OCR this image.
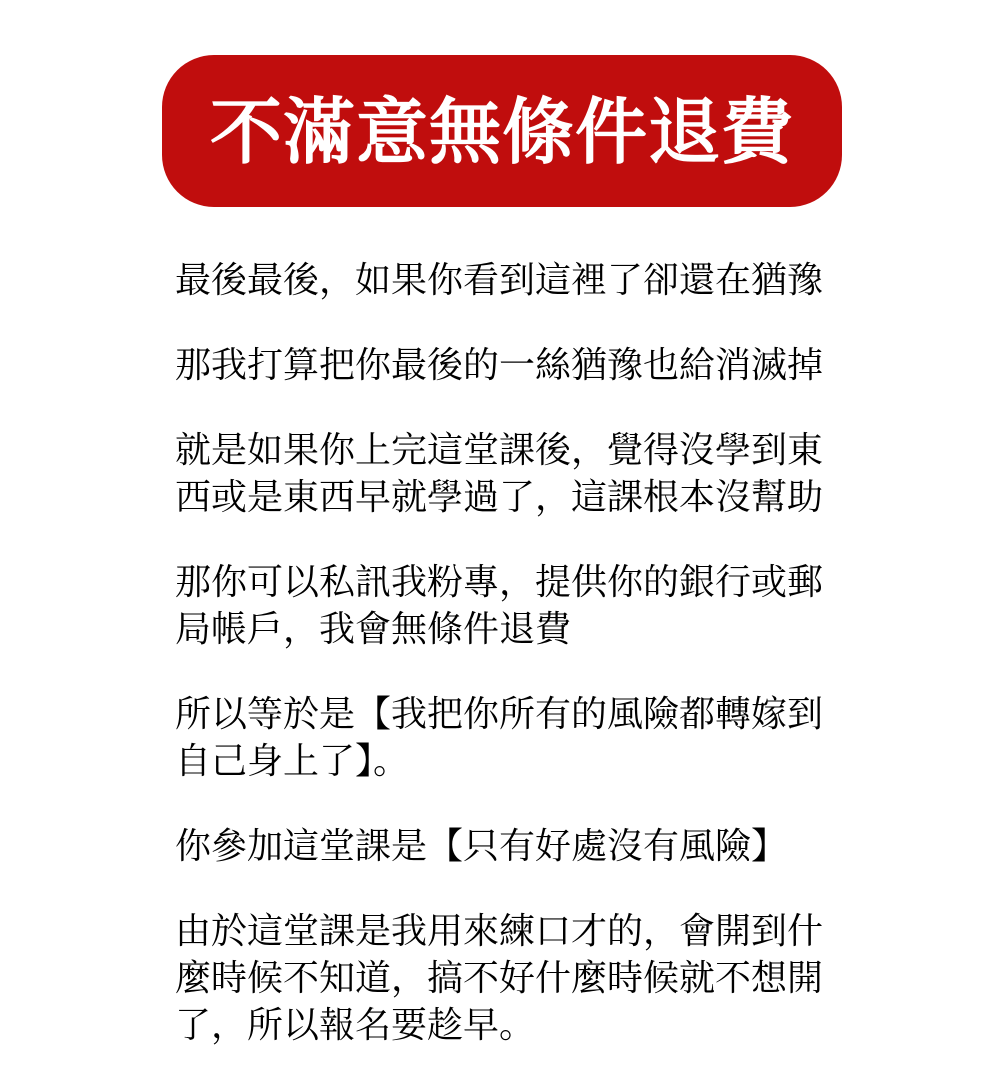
不滿意無條件退費

最後最後，如果你看到這裡了卻還在猶豫

那我打算把你最後的一絲猶豫也給消滅掉

就是如果你上完這堂課後，覺得沒學到東西或是東西早就學過了，這課根本沒幫助

那你可以私訊我粉專，提供你的銀行或郵局帳戶，我會無條件退費

所以等於是【我把你所有的風險都轉嫁到自己身上了】。

你參加這堂課是【只有好處沒有風險】

由於這堂課是我用來練口才的，會開到什麼時候不知道，搞不好什麼時候就不想開了，所以報名要趁早。
